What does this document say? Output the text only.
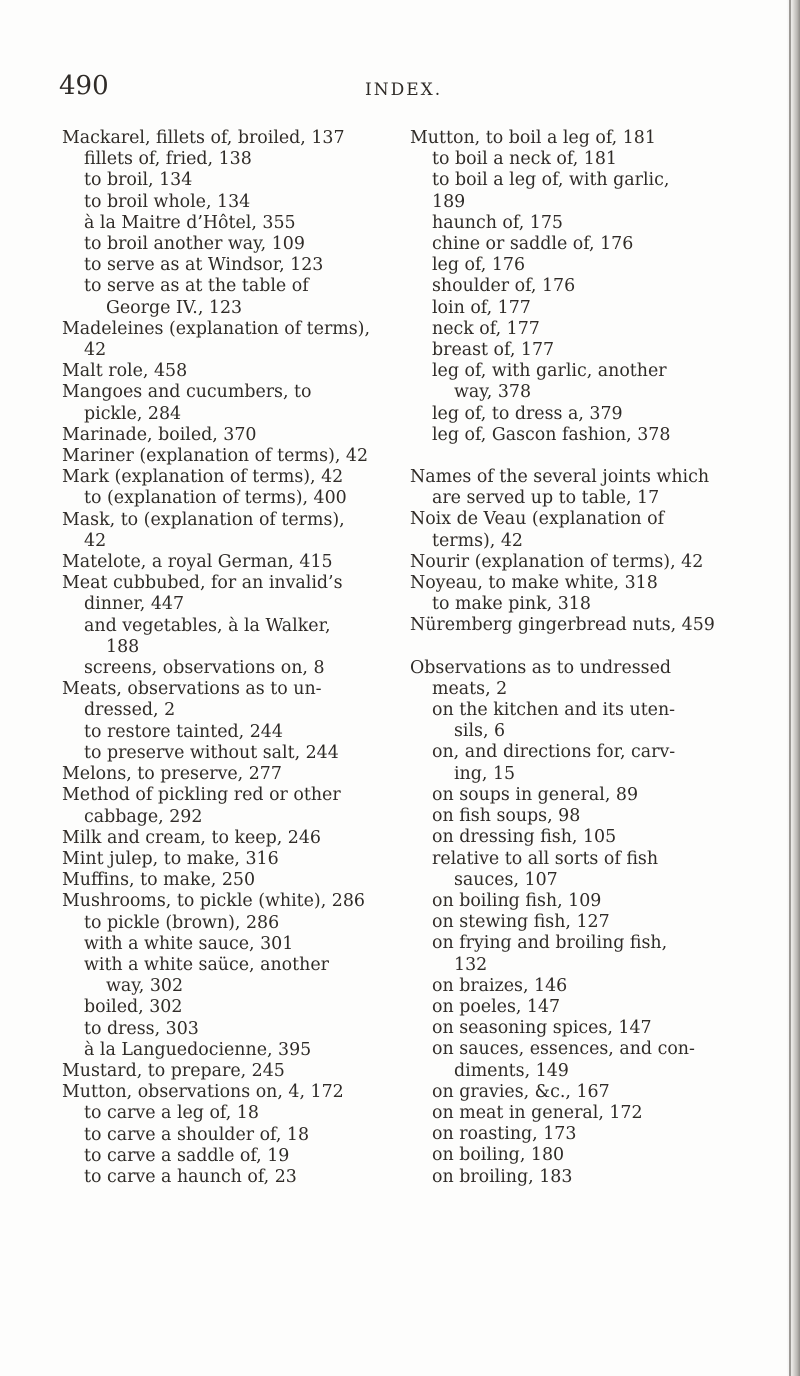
490	INDEX.

Mackarel, fillets of, broiled, 137

fillets of, fried, 138

to broil, 134

to broil whole, 134

à la Maitre d’Hôtel, 355

to broil another way, 109

to serve as at Windsor, 123

to serve as at the table of

George IV., 123

Madeleines (explanation of terms),

42

Malt role, 458

Mangoes and cucumbers, to

pickle, 284

Marinade, boiled, 370

Mariner (explanation of terms), 42

Mark (explanation of terms), 42

to (explanation of terms), 400

Mask, to (explanation of terms),

42

Matelote, a royal German, 415

Meat cubbubed, for an invalid’s

dinner, 447

and vegetables, à la Walker,

188

screens, observations on, 8

Meats, observations as to un-

dressed, 2

to restore tainted, 244

to preserve without salt, 244

Melons, to preserve, 277

Method of pickling red or other

cabbage, 292

Milk and cream, to keep, 246

Mint julep, to make, 316

Muffins, to make, 250

Mushrooms, to pickle (white), 286

to pickle (brown), 286

with a white sauce, 301

with a white saüce, another

way, 302

boiled, 302

to dress, 303

à la Languedocienne, 395

Mustard, to prepare, 245

Mutton, observations on, 4, 172

to carve a leg of, 18

to carve a shoulder of, 18

to carve a saddle of, 19

to carve a haunch of, 23

Mutton, to boil a leg of, 181

to boil a neck of, 181

to boil a leg of, with garlic,

189

haunch of, 175

chine or saddle of, 176

leg of, 176

shoulder of, 176

loin of, 177

neck of, 177

breast of, 177

leg of, with garlic, another

way, 378

leg of, to dress a, 379

leg of, Gascon fashion, 378

Names of the several joints which

are served up to table, 17

Noix de Veau (explanation of

terms), 42

Nourir (explanation of terms), 42

Noyeau, to make white, 318

to make pink, 318

Nüremberg gingerbread nuts, 459

Observations as to undressed

meats, 2

on the kitchen and its uten-

sils, 6

on, and directions for, carv-

ing, 15

on soups in general, 89

on fish soups, 98

on dressing fish, 105

relative to all sorts of fish

sauces, 107

on boiling fish, 109

on stewing fish, 127

on frying and broiling fish,

132

on braizes, 146

on poeles, 147

on seasoning spices, 147

on sauces, essences, and con-

diments, 149

on gravies, &c., 167

on meat in general, 172

on roasting, 173

on boiling, 180

on broiling, 183
